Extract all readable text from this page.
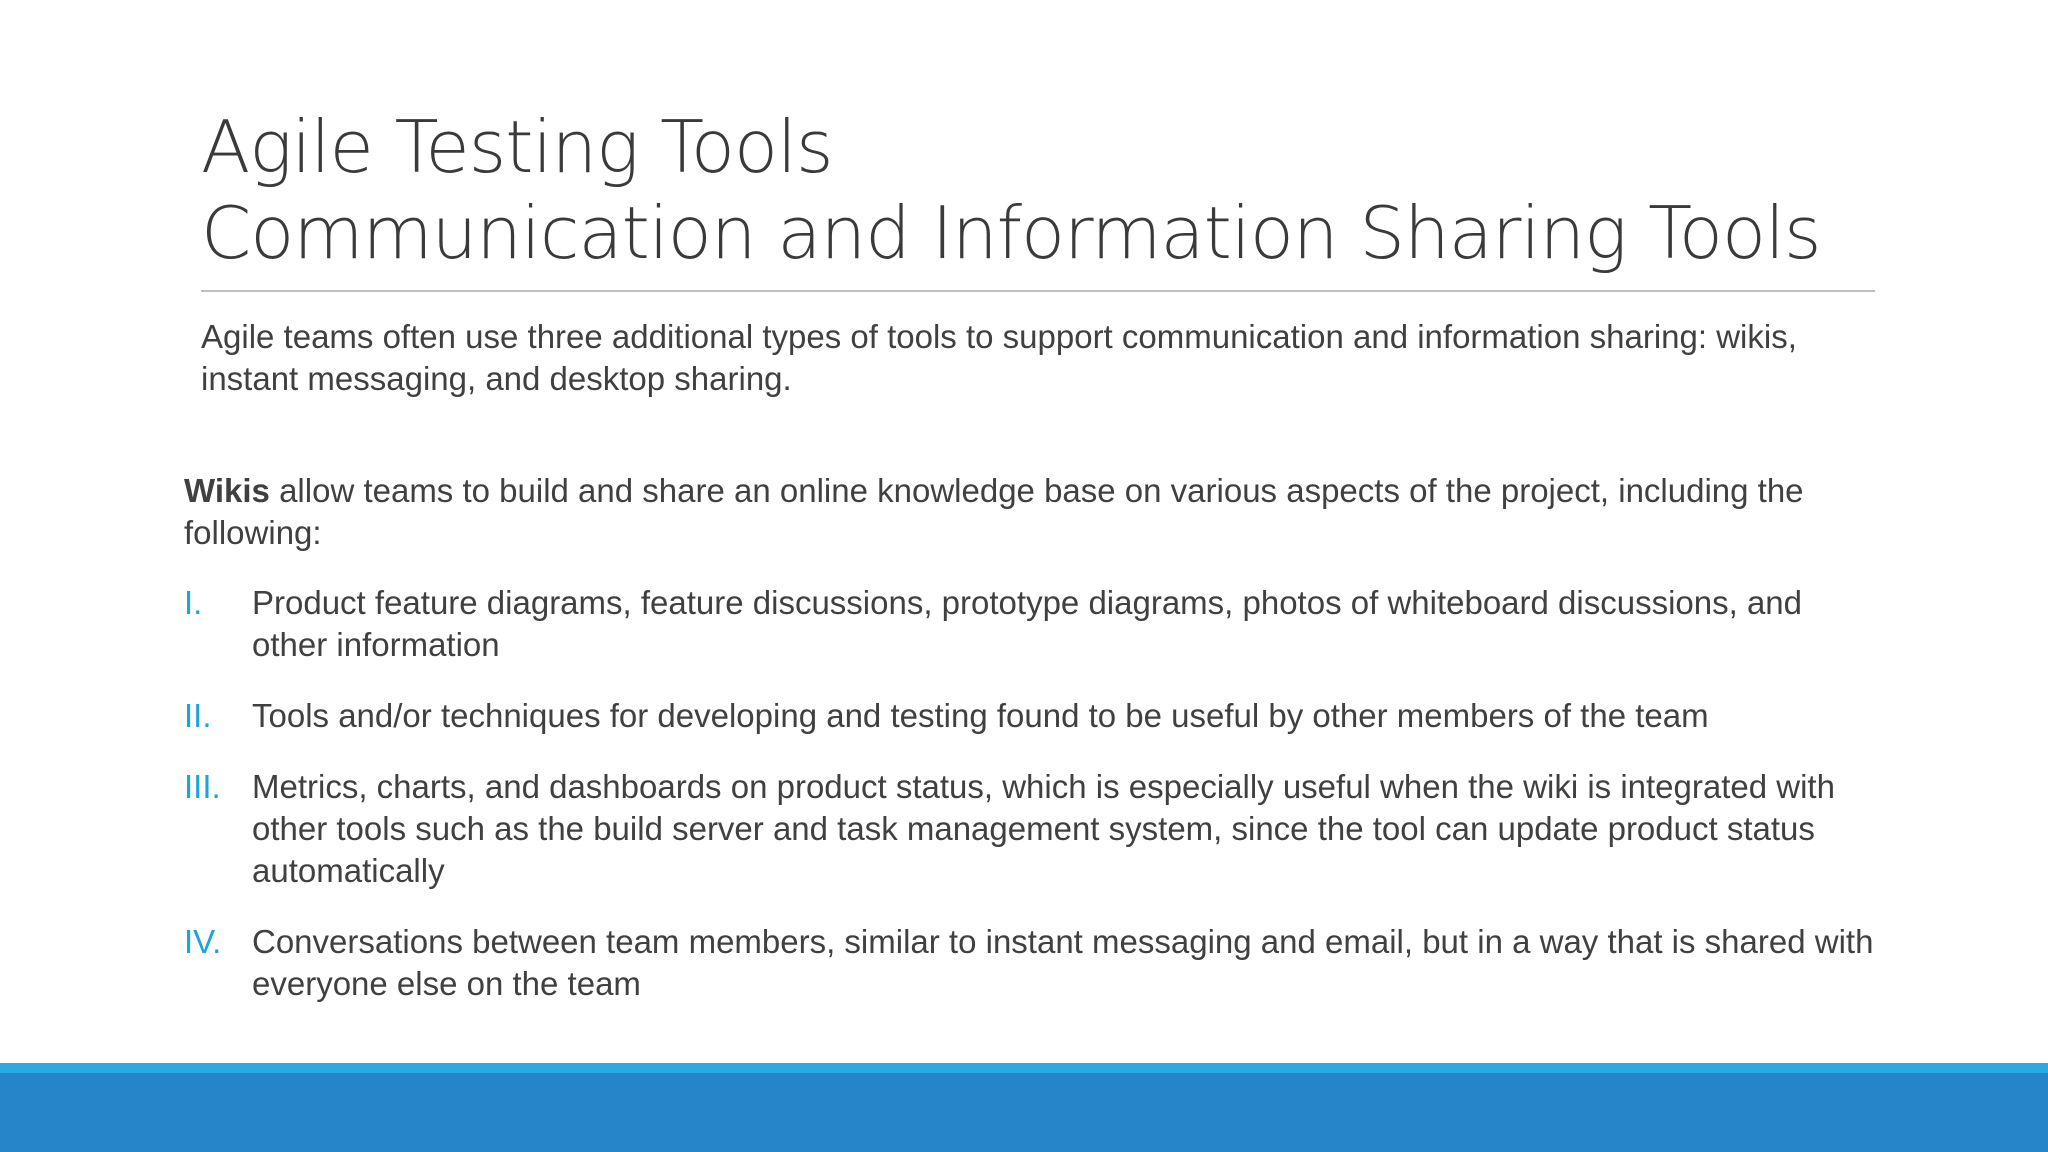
Agile Testing Tools
Communication and Information Sharing Tools
Agile teams often use three additional types of tools to support communication and information sharing: wikis, instant messaging, and desktop sharing.
Wikis allow teams to build and share an online knowledge base on various aspects of the project, including the following:
I. Product feature diagrams, feature discussions, prototype diagrams, photos of whiteboard discussions, and other information
II. Tools and/or techniques for developing and testing found to be useful by other members of the team
III. Metrics, charts, and dashboards on product status, which is especially useful when the wiki is integrated with other tools such as the build server and task management system, since the tool can update product status automatically
IV. Conversations between team members, similar to instant messaging and email, but in a way that is shared with everyone else on the team
